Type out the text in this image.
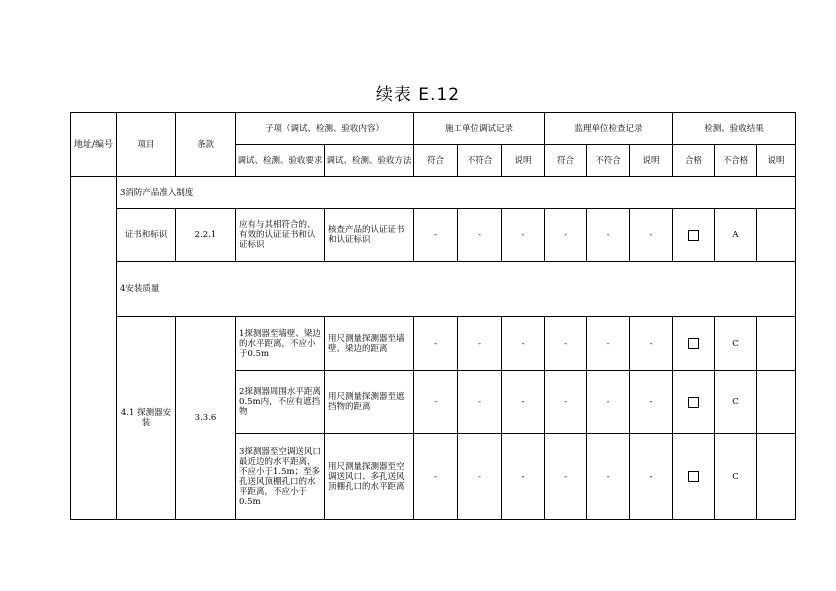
续表 E.12
地址/编号	项目	条款	子项（调试、检测、验收内容）		施工单位调试记录			监理单位检查记录			检测、验收结果		
			调试、检测、验收要求	调试、检测、验收方法	符合	不符合	说明	符合	不符合	说明	合格	不合格	说明
	3消防产品准入制度												
	证书和标识	2.2.1	应有与其相符合的、有效的认证证书和认证标识	核查产品的认证证书和认证标识	-	-	-	-	-	-		A	
	4安装质量												
	4.1 探测器安装	3.3.6	1探测器至墙壁、梁边的水平距离，不应小于0.5m	用尺测量探测器至墙壁、梁边的距离	-	-	-	-	-	-		C	
			2探测器周围水平距离0.5m内，不应有遮挡物	用尺测量探测器至遮挡物的距离	-	-	-	-	-	-		C	
			3探测器至空调送风口最近边的水平距离，不应小于1.5m；至多孔送风顶棚孔口的水平距离，不应小于0.5m	用尺测量探测器至空调送风口、多孔送风顶棚孔口的水平距离	-	-	-	-	-	-		C	
